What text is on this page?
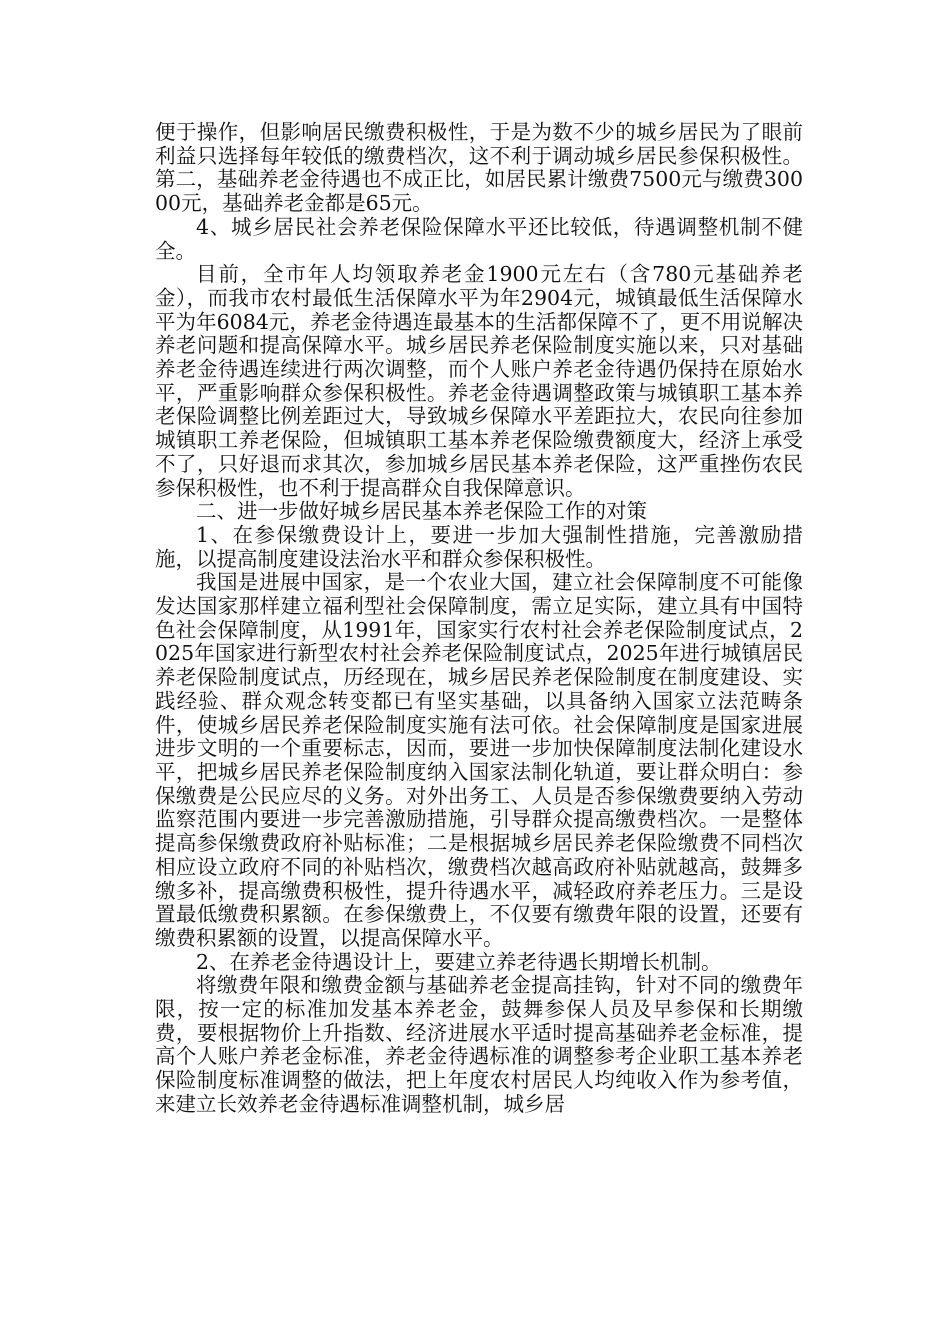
便于操作，但影响居民缴费积极性，于是为数不少的城乡居民为了眼前利益只选择每年较低的缴费档次，这不利于调动城乡居民参保积极性。第二，基础养老金待遇也不成正比，如居民累计缴费7500元与缴费30000元，基础养老金都是65元。

4、城乡居民社会养老保险保障水平还比较低，待遇调整机制不健全。

目前，全市年人均领取养老金1900元左右（含780元基础养老金），而我市农村最低生活保障水平为年2904元，城镇最低生活保障水平为年6084元，养老金待遇连最基本的生活都保障不了，更不用说解决养老问题和提高保障水平。城乡居民养老保险制度实施以来，只对基础养老金待遇连续进行两次调整，而个人账户养老金待遇仍保持在原始水平，严重影响群众参保积极性。养老金待遇调整政策与城镇职工基本养老保险调整比例差距过大，导致城乡保障水平差距拉大，农民向往参加城镇职工养老保险，但城镇职工基本养老保险缴费额度大，经济上承受不了，只好退而求其次，参加城乡居民基本养老保险，这严重挫伤农民参保积极性，也不利于提高群众自我保障意识。

二、进一步做好城乡居民基本养老保险工作的对策

1、在参保缴费设计上，要进一步加大强制性措施，完善激励措施，以提高制度建设法治水平和群众参保积极性。

我国是进展中国家，是一个农业大国，建立社会保障制度不可能像发达国家那样建立福利型社会保障制度，需立足实际，建立具有中国特色社会保障制度，从1991年，国家实行农村社会养老保险制度试点，2025年国家进行新型农村社会养老保险制度试点，2025年进行城镇居民养老保险制度试点，历经现在，城乡居民养老保险制度在制度建设、实践经验、群众观念转变都已有坚实基础，以具备纳入国家立法范畴条件，使城乡居民养老保险制度实施有法可依。社会保障制度是国家进展进步文明的一个重要标志，因而，要进一步加快保障制度法制化建设水平，把城乡居民养老保险制度纳入国家法制化轨道，要让群众明白：参保缴费是公民应尽的义务。对外出务工、人员是否参保缴费要纳入劳动监察范围内要进一步完善激励措施，引导群众提高缴费档次。一是整体提高参保缴费政府补贴标准；二是根据城乡居民养老保险缴费不同档次相应设立政府不同的补贴档次，缴费档次越高政府补贴就越高，鼓舞多缴多补，提高缴费积极性，提升待遇水平，减轻政府养老压力。三是设置最低缴费积累额。在参保缴费上，不仅要有缴费年限的设置，还要有缴费积累额的设置，以提高保障水平。

2、在养老金待遇设计上，要建立养老待遇长期增长机制。

将缴费年限和缴费金额与基础养老金提高挂钩，针对不同的缴费年限，按一定的标准加发基本养老金，鼓舞参保人员及早参保和长期缴费，要根据物价上升指数、经济进展水平适时提高基础养老金标准，提高个人账户养老金标准，养老金待遇标准的调整参考企业职工基本养老保险制度标准调整的做法，把上年度农村居民人均纯收入作为参考值，来建立长效养老金待遇标准调整机制，城乡居
